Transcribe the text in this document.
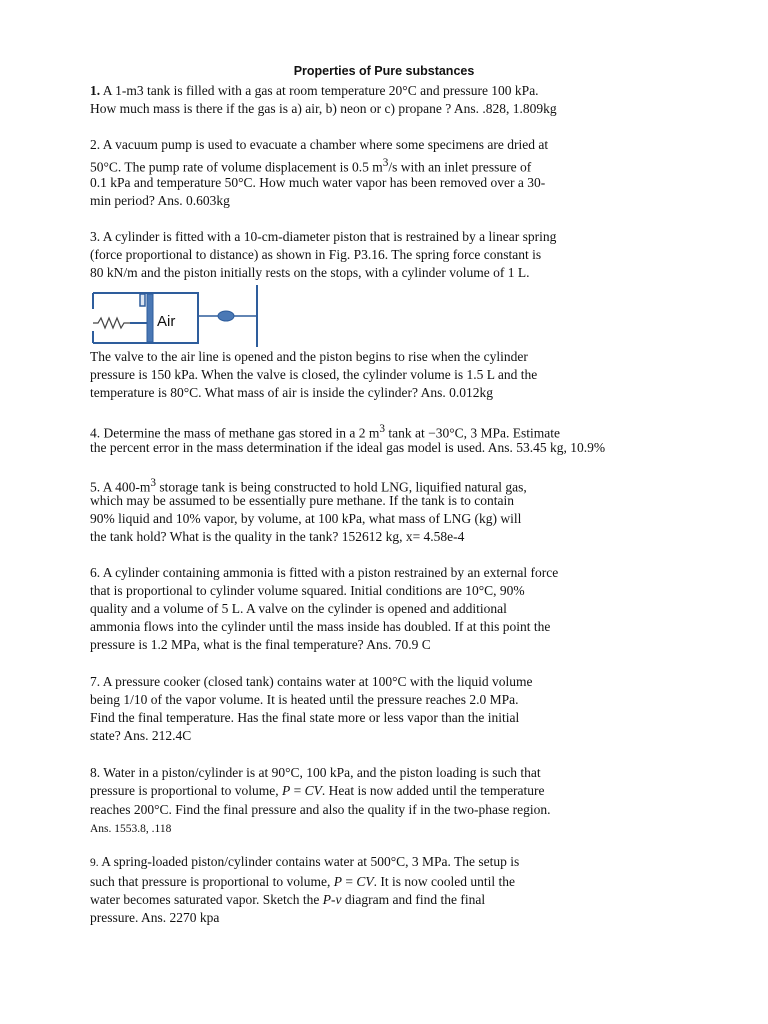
Properties of Pure substances
1. A 1-m3 tank is filled with a gas at room temperature 20°C and pressure 100 kPa.
How much mass is there if the gas is a) air, b) neon or c) propane ? Ans. .828, 1.809kg
2. A vacuum pump is used to evacuate a chamber where some specimens are dried at
50°C. The pump rate of volume displacement is 0.5 $m^3/s$ with an inlet pressure of
0.1 kPa and temperature 50°C. How much water vapor has been removed over a 30-
min period? Ans. 0.603kg
3. A cylinder is fitted with a 10-cm-diameter piston that is restrained by a linear spring
(force proportional to distance) as shown in Fig. P3.16. The spring force constant is
80 kN/m and the piston initially rests on the stops, with a cylinder volume of 1 L.
The valve to the air line is opened and the piston begins to rise when the cylinder
pressure is 150 kPa. When the valve is closed, the cylinder volume is 1.5 L and the
temperature is 80°C. What mass of air is inside the cylinder? Ans. 0.012kg
4. Determine the mass of methane gas stored in a 2 $m^3$ tank at −30°C, 3 MPa. Estimate
the percent error in the mass determination if the ideal gas model is used. Ans. 53.45 kg, 10.9%
5. A $400-m^3$ storage tank is being constructed to hold LNG, liquified natural gas,
which may be assumed to be essentially pure methane. If the tank is to contain
90% liquid and 10% vapor, by volume, at 100 kPa, what mass of LNG (kg) will
the tank hold? What is the quality in the tank? 152612 kg, x= 4.58e-4
6. A cylinder containing ammonia is fitted with a piston restrained by an external force
that is proportional to cylinder volume squared. Initial conditions are 10°C, 90%
quality and a volume of 5 L. A valve on the cylinder is opened and additional
ammonia flows into the cylinder until the mass inside has doubled. If at this point the
pressure is 1.2 MPa, what is the final temperature? Ans. 70.9 C
7. A pressure cooker (closed tank) contains water at 100°C with the liquid volume
being 1/10 of the vapor volume. It is heated until the pressure reaches 2.0 MPa.
Find the final temperature. Has the final state more or less vapor than the initial
state? Ans. 212.4C
8. Water in a piston/cylinder is at 90°C, 100 kPa, and the piston loading is such that
pressure is proportional to volume, P = CV. Heat is now added until the temperature
reaches 200°C. Find the final pressure and also the quality if in the two-phase region.
Ans. 1553.8, .118
9. A spring-loaded piston/cylinder contains water at 500°C, 3 MPa. The setup is
such that pressure is proportional to volume, P = CV. It is now cooled until the
water becomes saturated vapor. Sketch the P-v diagram and find the final
pressure. Ans. 2270 kpa
Air
